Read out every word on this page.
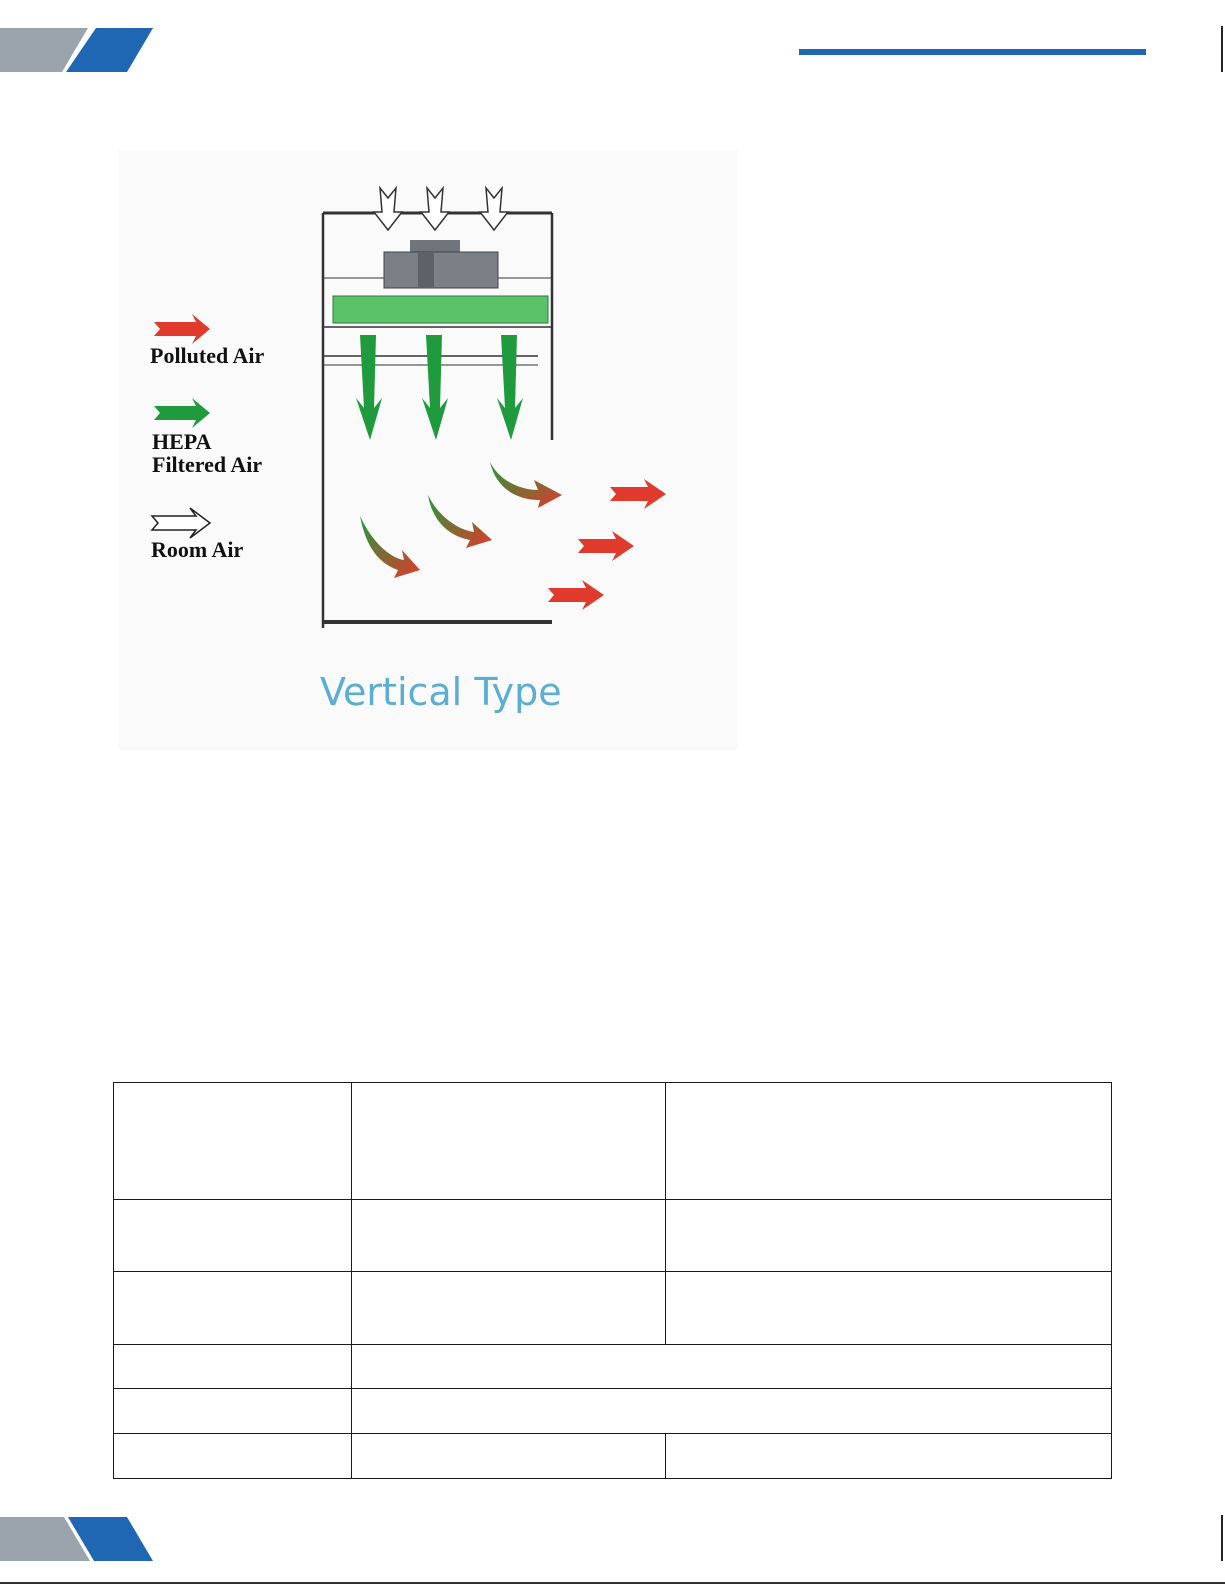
Polluted Air
HEPA
Filtered Air
Room Air
Vertical Type
